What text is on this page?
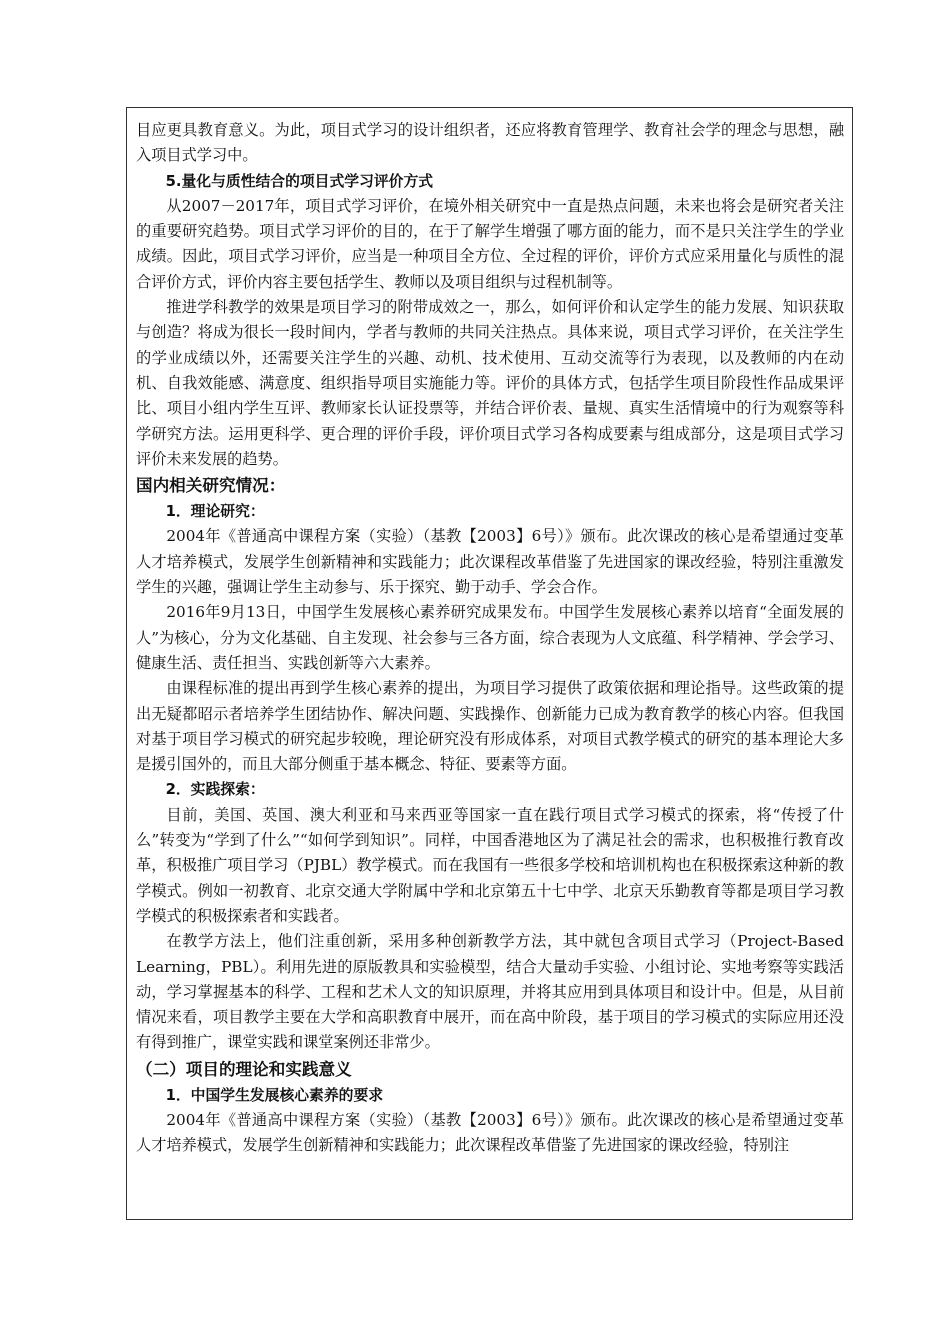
目应更具教育意义。为此，项目式学习的设计组织者，还应将教育管理学、教育社会学的理念与思想，融入项目式学习中。

5.量化与质性结合的项目式学习评价方式

从2007－2017年，项目式学习评价，在境外相关研究中一直是热点问题，未来也将会是研究者关注的重要研究趋势。项目式学习评价的目的，在于了解学生增强了哪方面的能力，而不是只关注学生的学业成绩。因此，项目式学习评价，应当是一种项目全方位、全过程的评价，评价方式应采用量化与质性的混合评价方式，评价内容主要包括学生、教师以及项目组织与过程机制等。

推进学科教学的效果是项目学习的附带成效之一，那么，如何评价和认定学生的能力发展、知识获取与创造？将成为很长一段时间内，学者与教师的共同关注热点。具体来说，项目式学习评价，在关注学生的学业成绩以外，还需要关注学生的兴趣、动机、技术使用、互动交流等行为表现，以及教师的内在动机、自我效能感、满意度、组织指导项目实施能力等。评价的具体方式，包括学生项目阶段性作品成果评比、项目小组内学生互评、教师家长认证投票等，并结合评价表、量规、真实生活情境中的行为观察等科学研究方法。运用更科学、更合理的评价手段，评价项目式学习各构成要素与组成部分，这是项目式学习评价未来发展的趋势。

国内相关研究情况：

1．理论研究：

2004年《普通高中课程方案（实验）（基教【2003】6号）》颁布。此次课改的核心是希望通过变革人才培养模式，发展学生创新精神和实践能力；此次课程改革借鉴了先进国家的课改经验，特别注重激发学生的兴趣，强调让学生主动参与、乐于探究、勤于动手、学会合作。

2016年9月13日，中国学生发展核心素养研究成果发布。中国学生发展核心素养以培育“全面发展的人”为核心，分为文化基础、自主发现、社会参与三各方面，综合表现为人文底蕴、科学精神、学会学习、健康生活、责任担当、实践创新等六大素养。

由课程标准的提出再到学生核心素养的提出，为项目学习提供了政策依据和理论指导。这些政策的提出无疑都昭示者培养学生团结协作、解决问题、实践操作、创新能力已成为教育教学的核心内容。但我国对基于项目学习模式的研究起步较晚，理论研究没有形成体系，对项目式教学模式的研究的基本理论大多是援引国外的，而且大部分侧重于基本概念、特征、要素等方面。

2．实践探索：

目前，美国、英国、澳大利亚和马来西亚等国家一直在践行项目式学习模式的探索，将“传授了什么”转变为“学到了什么”“如何学到知识”。同样，中国香港地区为了满足社会的需求，也积极推行教育改革，积极推广项目学习（PJBL）教学模式。而在我国有一些很多学校和培训机构也在积极探索这种新的教学模式。例如一初教育、北京交通大学附属中学和北京第五十七中学、北京天乐勤教育等都是项目学习教学模式的积极探索者和实践者。

在教学方法上，他们注重创新，采用多种创新教学方法，其中就包含项目式学习（Project-Based Learning，PBL）。利用先进的原版教具和实验模型，结合大量动手实验、小组讨论、实地考察等实践活动，学习掌握基本的科学、工程和艺术人文的知识原理，并将其应用到具体项目和设计中。但是，从目前情况来看，项目教学主要在大学和高职教育中展开，而在高中阶段，基于项目的学习模式的实际应用还没有得到推广，课堂实践和课堂案例还非常少。

（二）项目的理论和实践意义

1．中国学生发展核心素养的要求

2004年《普通高中课程方案（实验）（基教【2003】6号）》颁布。此次课改的核心是希望通过变革人才培养模式，发展学生创新精神和实践能力；此次课程改革借鉴了先进国家的课改经验，特别注
